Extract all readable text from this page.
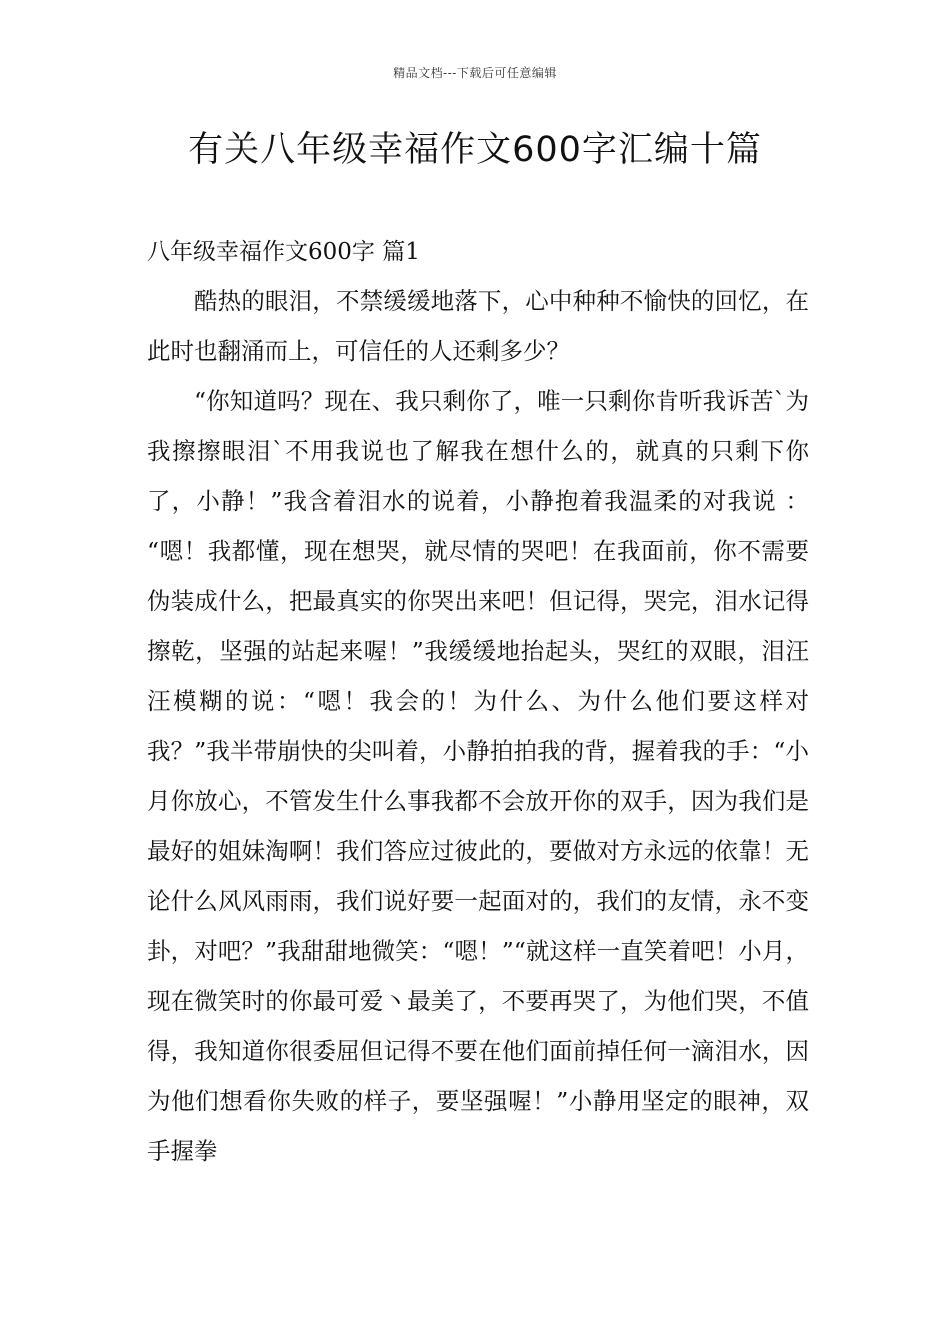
精品文档---下载后可任意编辑
有关八年级幸福作文600字汇编十篇
八年级幸福作文600字 篇1

酷热的眼泪，不禁缓缓地落下，心中种种不愉快的回忆，在此时也翻涌而上，可信任的人还剩多少？

“你知道吗？现在、我只剩你了，唯一只剩你肯听我诉苦`为我擦擦眼泪`不用我说也了解我在想什么的，就真的只剩下你了，小静！”我含着泪水的说着，小静抱着我温柔的对我说 ： “嗯！我都懂，现在想哭，就尽情的哭吧！在我面前，你不需要伪装成什么，把最真实的你哭出来吧！但记得，哭完，泪水记得擦乾，坚强的站起来喔！”我缓缓地抬起头，哭红的双眼，泪汪汪模糊的说：“嗯！我会的！为什么、为什么他们要这样对我？”我半带崩快的尖叫着，小静拍拍我的背，握着我的手：“小月你放心，不管发生什么事我都不会放开你的双手，因为我们是最好的姐妹淘啊！我们答应过彼此的，要做对方永远的依靠！无论什么风风雨雨，我们说好要一起面对的，我们的友情，永不变卦，对吧？”我甜甜地微笑：“嗯！”“就这样一直笑着吧！小月，现在微笑时的你最可爱丶最美了，不要再哭了，为他们哭，不值得，我知道你很委屈但记得不要在他们面前掉任何一滴泪水，因为他们想看你失败的样子，要坚强喔！”小静用坚定的眼神，双手握拳
